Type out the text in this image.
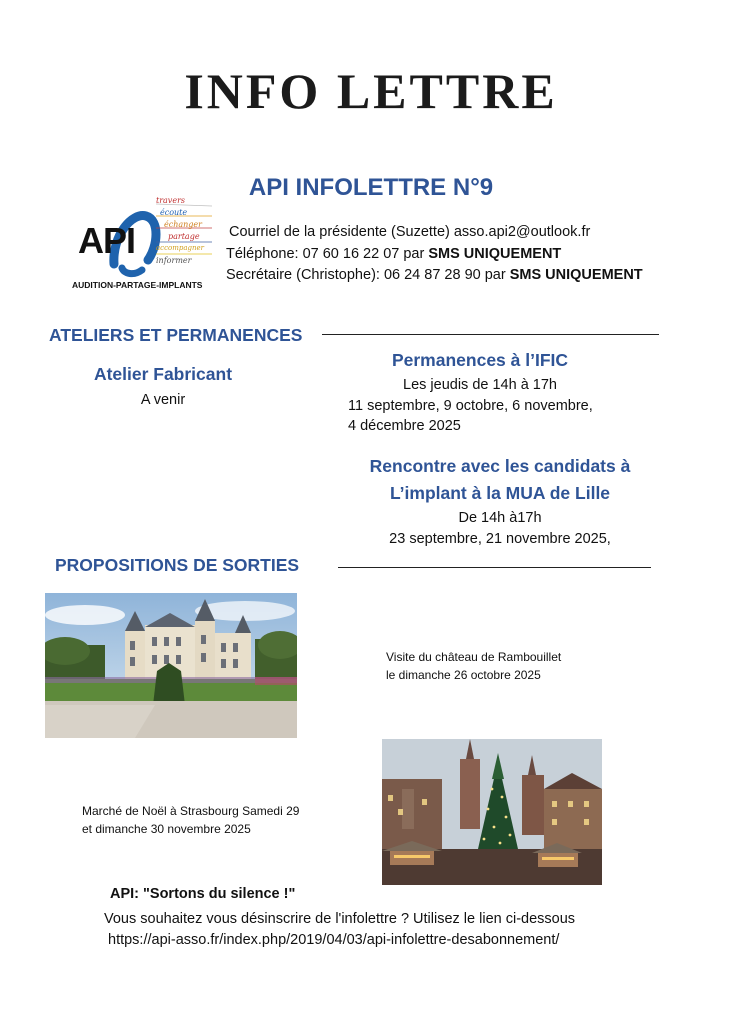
INFO LETTRE
API INFOLETTRE N°9
API
travers
écoute
échanger
partage
accompagner
informer
AUDITION-PARTAGE-IMPLANTS
Courriel de la présidente (Suzette) asso.api2@outlook.fr
Téléphone: 07 60 16 22 07 par SMS UNIQUEMENT
Secrétaire (Christophe): 06 24 87 28 90 par SMS UNIQUEMENT
ATELIERS ET PERMANENCES
Atelier Fabricant
A venir
Permanences à l’IFIC
Les jeudis de 14h à 17h
11 septembre, 9 octobre, 6 novembre,
4 décembre 2025
Rencontre avec les candidats à
L’implant à la MUA de Lille
De 14h à17h
23 septembre, 21 novembre 2025,
PROPOSITIONS DE SORTIES
Visite du château de Rambouillet
le dimanche 26 octobre 2025
Marché de Noël à Strasbourg Samedi 29
et dimanche 30 novembre 2025
API: "Sortons du silence !"
Vous souhaitez vous désinscrire de l'infolettre ? Utilisez le lien ci-dessous
https://api-asso.fr/index.php/2019/04/03/api-infolettre-desabonnement/
